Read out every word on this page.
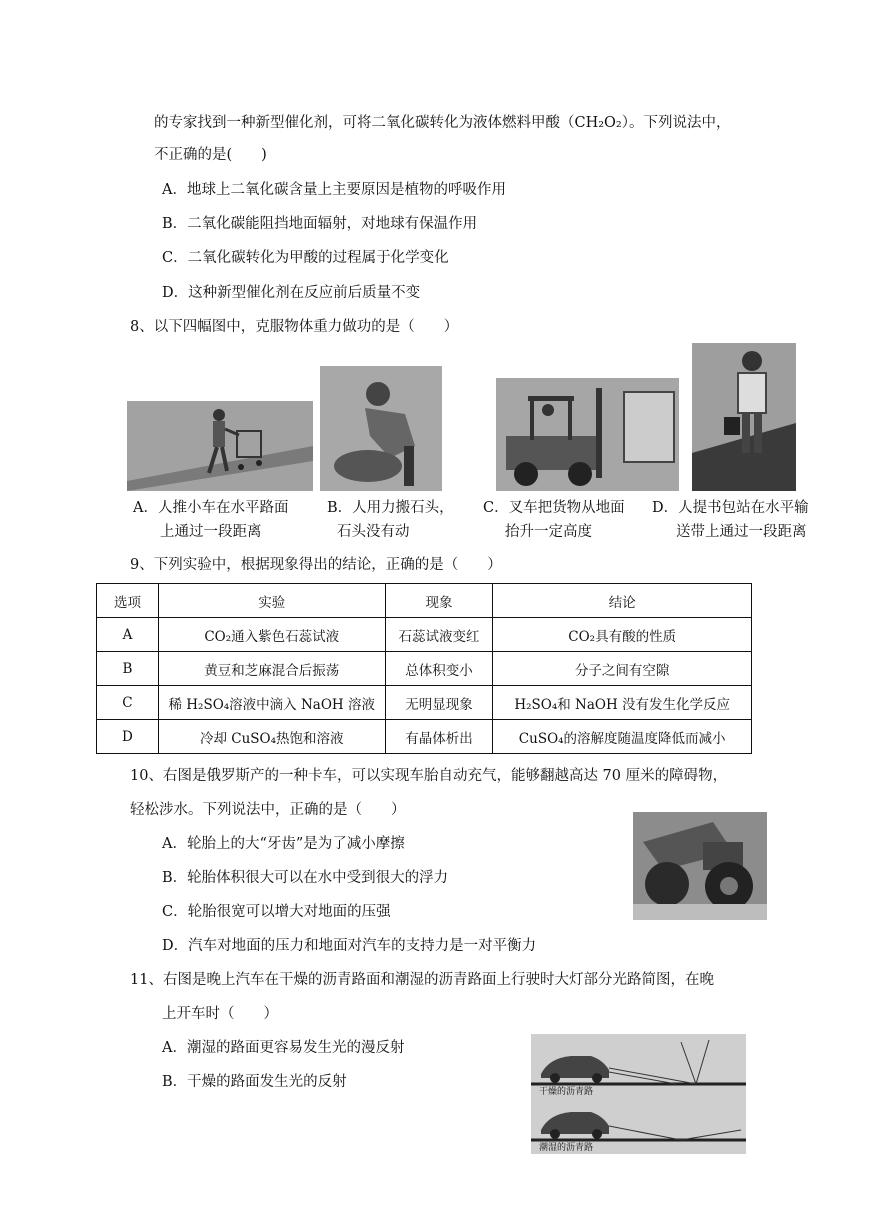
的专家找到一种新型催化剂，可将二氧化碳转化为液体燃料甲酸（CH₂O₂）。下列说法中，
不正确的是(　　)
A．地球上二氧化碳含量上主要原因是植物的呼吸作用
B．二氧化碳能阻挡地面辐射，对地球有保温作用
C．二氧化碳转化为甲酸的过程属于化学变化
D．这种新型催化剂在反应前后质量不变
8、以下四幅图中，克服物体重力做功的是（　　）
A．人推小车在水平路面
上通过一段距离
B．人用力搬石头，
石头没有动
C．叉车把货物从地面
抬升一定高度
D．人提书包站在水平输
送带上通过一段距离
9、下列实验中，根据现象得出的结论，正确的是（　　）
选项	实验	现象	结论
A	CO₂通入紫色石蕊试液	石蕊试液变红	CO₂具有酸的性质
B	黄豆和芝麻混合后振荡	总体积变小	分子之间有空隙
C	稀 H₂SO₄溶液中滴入 NaOH 溶液	无明显现象	H₂SO₄和 NaOH 没有发生化学反应
D	冷却 CuSO₄热饱和溶液	有晶体析出	CuSO₄的溶解度随温度降低而减小
10、右图是俄罗斯产的一种卡车，可以实现车胎自动充气，能够翻越高达 70 厘米的障碍物，
轻松涉水。下列说法中，正确的是（　　）
A．轮胎上的大“牙齿”是为了减小摩擦
B．轮胎体积很大可以在水中受到很大的浮力
C．轮胎很宽可以增大对地面的压强
D．汽车对地面的压力和地面对汽车的支持力是一对平衡力
11、右图是晚上汽车在干燥的沥青路面和潮湿的沥青路面上行驶时大灯部分光路简图，在晚
上开车时（　　）
A．潮湿的路面更容易发生光的漫反射
B．干燥的路面发生光的反射
干燥的沥青路
潮湿的沥青路
